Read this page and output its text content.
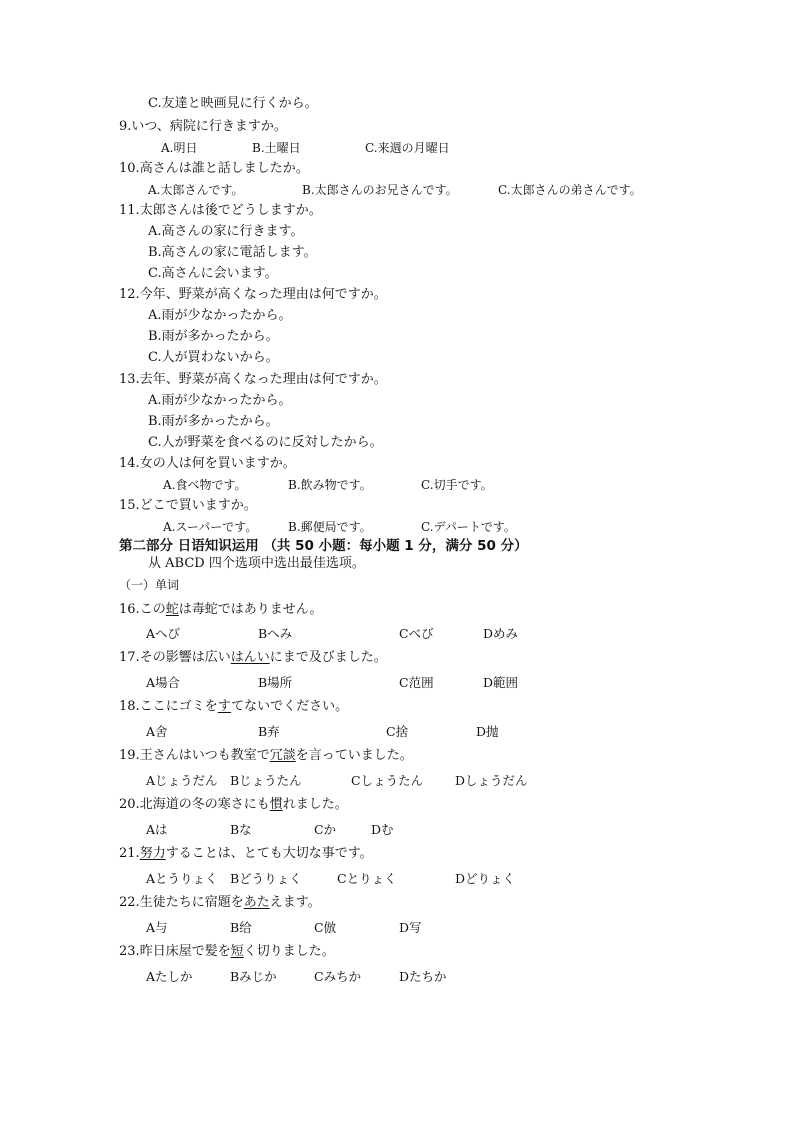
C.友達と映画見に行くから。
9.いつ、病院に行きますか。
A.明日	B.土曜日	C.来週の月曜日
10.高さんは誰と話しましたか。
A.太郎さんです。	B.太郎さんのお兄さんです。	C.太郎さんの弟さんです。
11.太郎さんは後でどうしますか。
A.高さんの家に行きます。
B.高さんの家に電話します。
C.高さんに会います。
12.今年、野菜が高くなった理由は何ですか。
A.雨が少なかったから。
B.雨が多かったから。
C.人が買わないから。
13.去年、野菜が高くなった理由は何ですか。
A.雨が少なかったから。
B.雨が多かったから。
C.人が野菜を食べるのに反対したから。
14.女の人は何を買いますか。
A.食べ物です。	B.飲み物です。	C.切手です。
15.どこで買いますか。
A.スーパーです。	B.郵便局です。	C.デパートです。
第二部分 日语知识运用 （共 50 小题：每小题 1 分，满分 50 分）
从 ABCD 四个选项中选出最佳选项。
（一）单词
16.この蛇は毒蛇ではありません。
Aへび	Bへみ	Cべび	Dめみ
17.その影響は広いはんいにまで及びました。
A場合	B場所	C范囲	D範囲
18.ここにゴミをすてないでください。
A舍	B弃	C捨	D抛
19.王さんはいつも教室で冗談を言っていました。
Aじょうだん Bじょうたん	Cしょうたん	Dしょうだん
20.北海道の冬の寒さにも慣れました。
Aは	Bな	Cか	Dむ
21.努力することは、とても大切な事です。
Aとうりょく Bどうりょく	Cとりょく	Dどりょく
22.生徒たちに宿題をあたえます。
A与	B给	C倣	D写
23.昨日床屋で髪を短く切りました。
Aたしか	Bみじか	Cみちか	Dたちか
